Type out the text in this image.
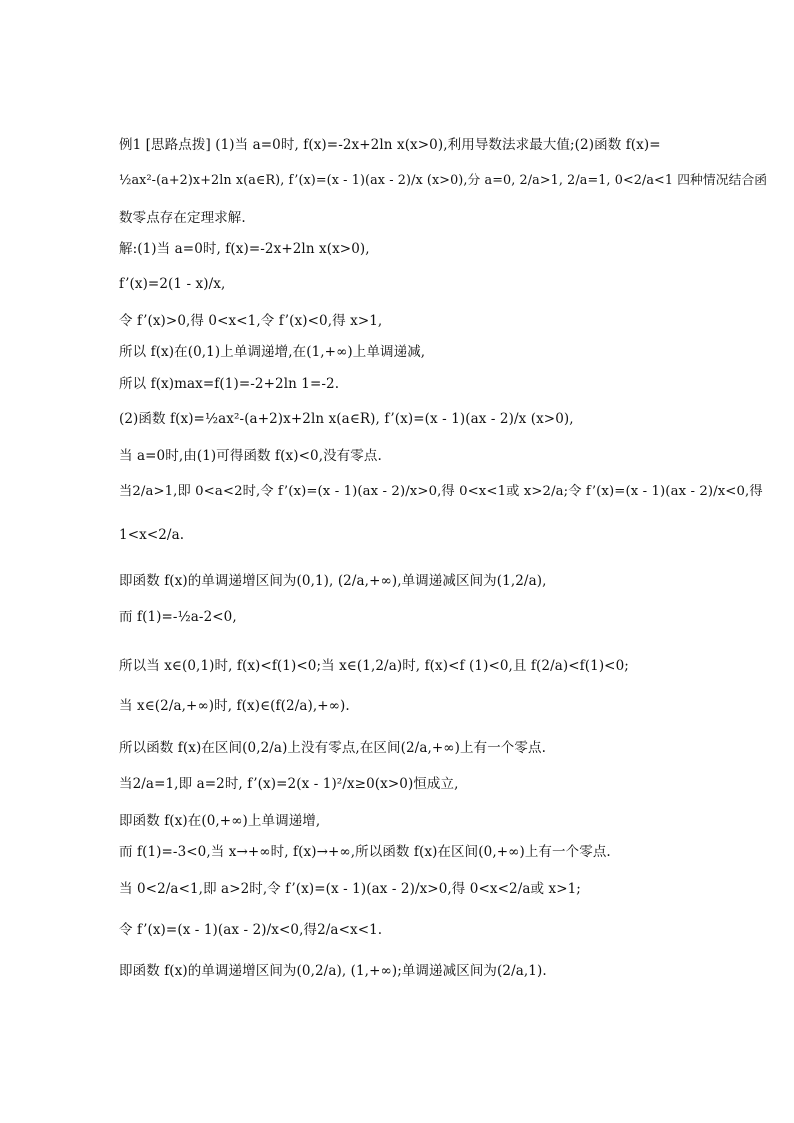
例1 [思路点拨] (1)当 a=0时, f(x)=-2x+2ln x(x>0),利用导数法求最大值;(2)函数 f(x)=
½ax²-(a+2)x+2ln x(a∈R), f’(x)=(x - 1)(ax - 2)/x (x>0),分 a=0, 2/a>1, 2/a=1, 0<2/a<1 四种情况结合函
数零点存在定理求解.
解:(1)当 a=0时, f(x)=-2x+2ln x(x>0),
f’(x)=2(1 - x)/x,
令 f’(x)>0,得 0<x<1,令 f’(x)<0,得 x>1,
所以 f(x)在(0,1)上单调递增,在(1,+∞)上单调递减,
所以 f(x)max=f(1)=-2+2ln 1=-2.
(2)函数 f(x)=½ax²-(a+2)x+2ln x(a∈R), f’(x)=(x - 1)(ax - 2)/x (x>0),
当 a=0时,由(1)可得函数 f(x)<0,没有零点.
当2/a>1,即 0<a<2时,令 f’(x)=(x - 1)(ax - 2)/x>0,得 0<x<1或 x>2/a;令 f’(x)=(x - 1)(ax - 2)/x<0,得
1<x<2/a.
即函数 f(x)的单调递增区间为(0,1), (2/a,+∞),单调递减区间为(1,2/a),
而 f(1)=-½a-2<0,
所以当 x∈(0,1)时, f(x)<f(1)<0;当 x∈(1,2/a)时, f(x)<f (1)<0,且 f(2/a)<f(1)<0;
当 x∈(2/a,+∞)时, f(x)∈(f(2/a),+∞).
所以函数 f(x)在区间(0,2/a)上没有零点,在区间(2/a,+∞)上有一个零点.
当2/a=1,即 a=2时, f’(x)=2(x - 1)²/x≥0(x>0)恒成立,
即函数 f(x)在(0,+∞)上单调递增,
而 f(1)=-3<0,当 x→+∞时, f(x)→+∞,所以函数 f(x)在区间(0,+∞)上有一个零点.
当 0<2/a<1,即 a>2时,令 f’(x)=(x - 1)(ax - 2)/x>0,得 0<x<2/a或 x>1;
令 f’(x)=(x - 1)(ax - 2)/x<0,得2/a<x<1.
即函数 f(x)的单调递增区间为(0,2/a), (1,+∞);单调递减区间为(2/a,1).
